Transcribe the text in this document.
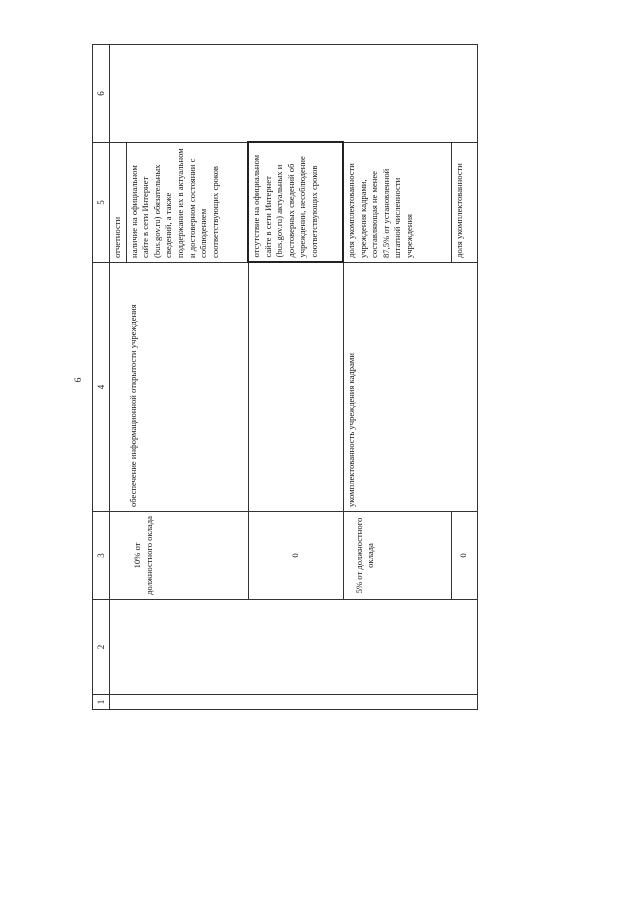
6
1	2	3	4	5	6
				отчетности	
		10% от должностного оклада	обеспечение информационной открытости учреждения	наличие на официальном сайте в сети Интернет (bus.gov.ru) обязательных сведений, а также поддержание их в актуальном и достоверном состоянии с соблюдением соответствующих сроков	
		0		отсутствие на официальном сайте в сети Интернет (bus.gov.ru) актуальных и достоверных сведений об учреждении, несоблюдение соответствующих сроков	
		5% от должностного оклада	укомплектованность учреждения кадрами	доля укомплектованности учреждения кадрами, составляющая не менее 87,5% от установленной штатной численности учреждения	
		0		доля укомплектованности	
